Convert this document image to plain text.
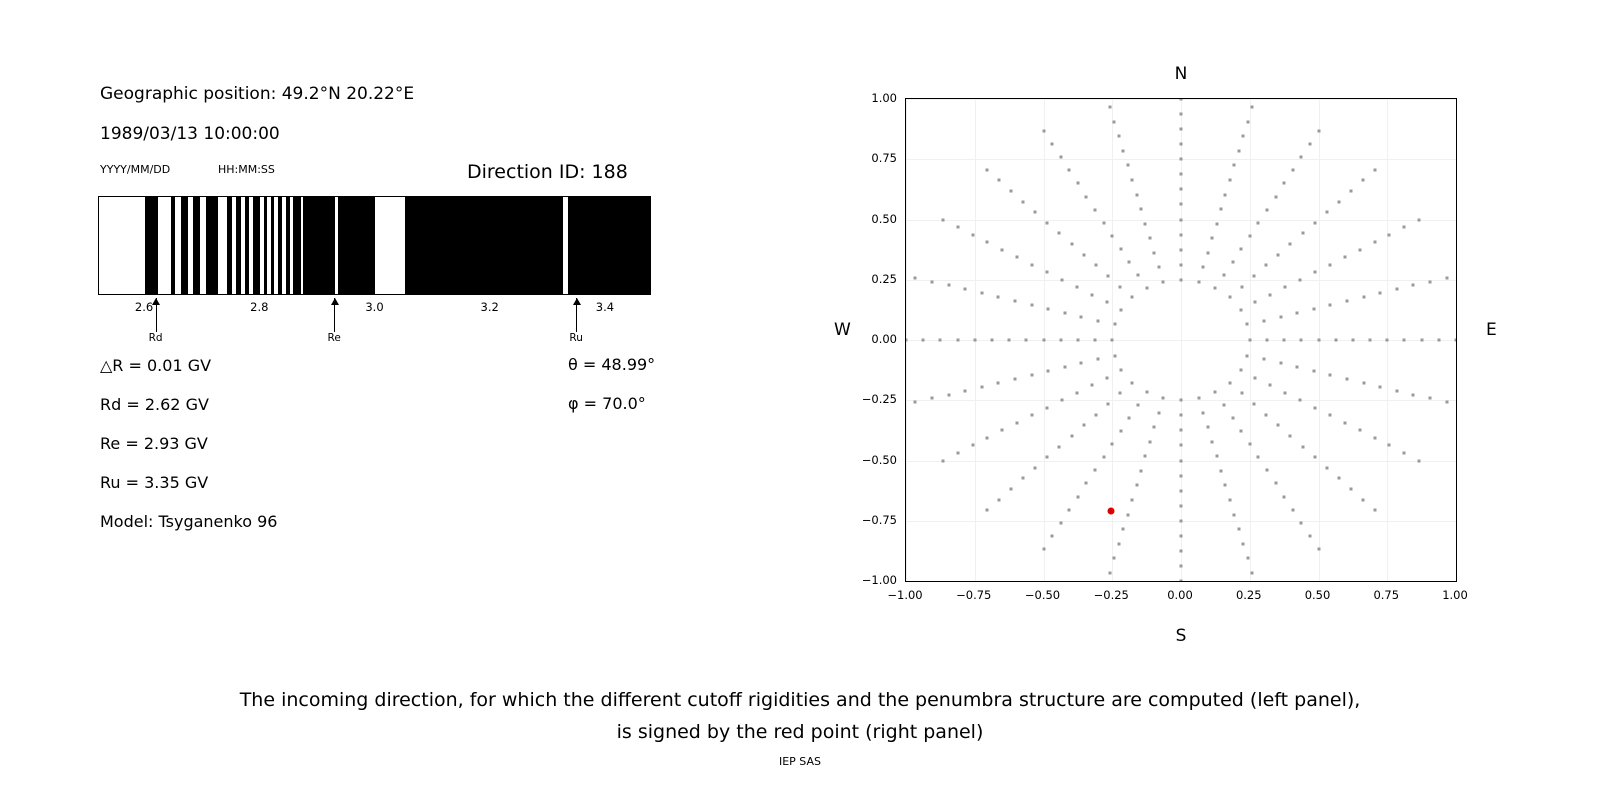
Geographic position: 49.2°N 20.22°E
1989/03/13 10:00:00
YYYY/MM/DD	HH:MM:SS	Direction ID: 188
2.6	2.8	3.0	3.2	3.4
Rd	Re	Ru
△R = 0.01 GV
Rd = 2.62 GV
Re = 2.93 GV
Ru = 3.35 GV
Model: Tsyganenko 96
θ = 48.99°
φ = 70.0°
N
S
W	E
−1.00	−0.75	−0.50	−0.25	0.00	0.25	0.50	0.75	1.00
−1.00
−0.75
−0.50
−0.25
0.00
0.25
0.50
0.75
1.00
The incoming direction, for which the different cutoff rigidities and the penumbra structure are computed (left panel),
is signed by the red point (right panel)
IEP SAS
